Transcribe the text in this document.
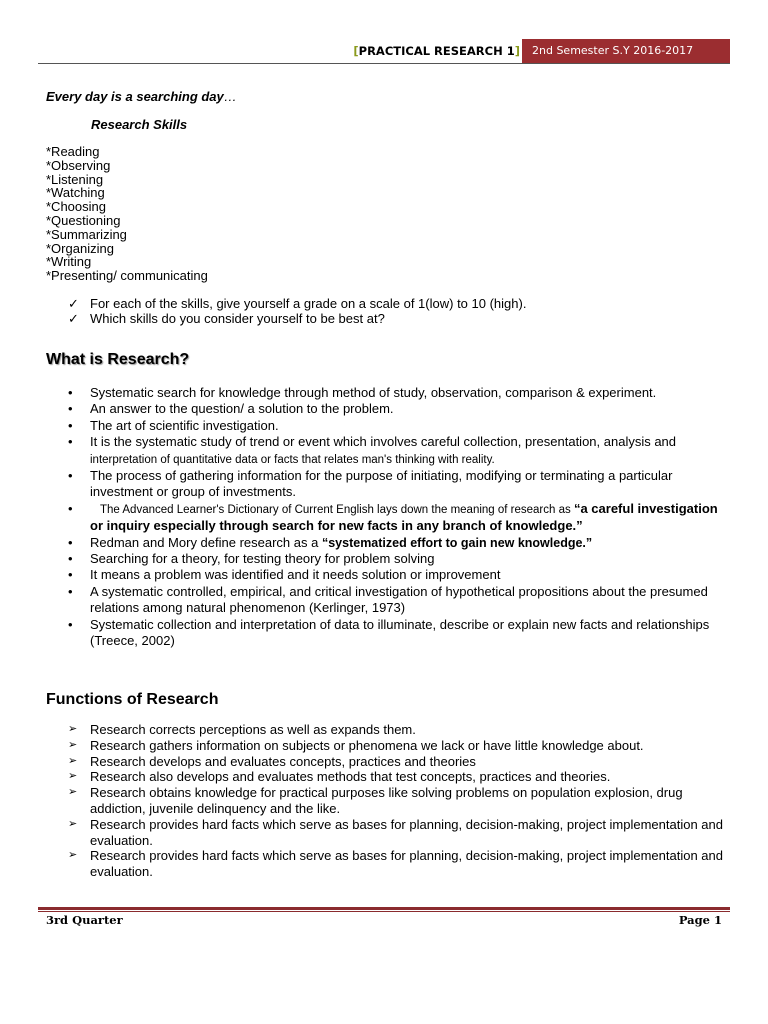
[PRACTICAL RESEARCH 1]	2nd Semester S.Y 2016-2017
Every day is a searching day…
Research Skills
*Reading
*Observing
*Listening
*Watching
*Choosing
*Questioning
*Summarizing
*Organizing
*Writing
*Presenting/ communicating
✓ For each of the skills, give yourself a grade on a scale of 1(low) to 10 (high).
✓ Which skills do you consider yourself to be best at?
What is Research?
• Systematic search for knowledge through method of study, observation, comparison & experiment.
• An answer to the question/ a solution to the problem.
• The art of scientific investigation.
• It is the systematic study of trend or event which involves careful collection, presentation, analysis and
interpretation of quantitative data or facts that relates man's thinking with reality.
• The process of gathering information for the purpose of initiating, modifying or terminating a particular investment or group of investments.
• The Advanced Learner's Dictionary of Current English lays down the meaning of research as “a careful investigation or inquiry especially through search for new facts in any branch of knowledge.”
• Redman and Mory define research as a “systematized effort to gain new knowledge.”
• Searching for a theory, for testing theory for problem solving
• It means a problem was identified and it needs solution or improvement
• A systematic controlled, empirical, and critical investigation of hypothetical propositions about the presumed relations among natural phenomenon (Kerlinger, 1973)
• Systematic collection and interpretation of data to illuminate, describe or explain new facts and relationships (Treece, 2002)
Functions of Research
➢ Research corrects perceptions as well as expands them.
➢ Research gathers information on subjects or phenomena we lack or have little knowledge about.
➢ Research develops and evaluates concepts, practices and theories
➢ Research also develops and evaluates methods that test concepts, practices and theories.
➢ Research obtains knowledge for practical purposes like solving problems on population explosion, drug addiction, juvenile delinquency and the like.
➢ Research provides hard facts which serve as bases for planning, decision-making, project implementation and evaluation.
➢ Research provides hard facts which serve as bases for planning, decision-making, project implementation and evaluation.
3rd Quarter	Page 1
